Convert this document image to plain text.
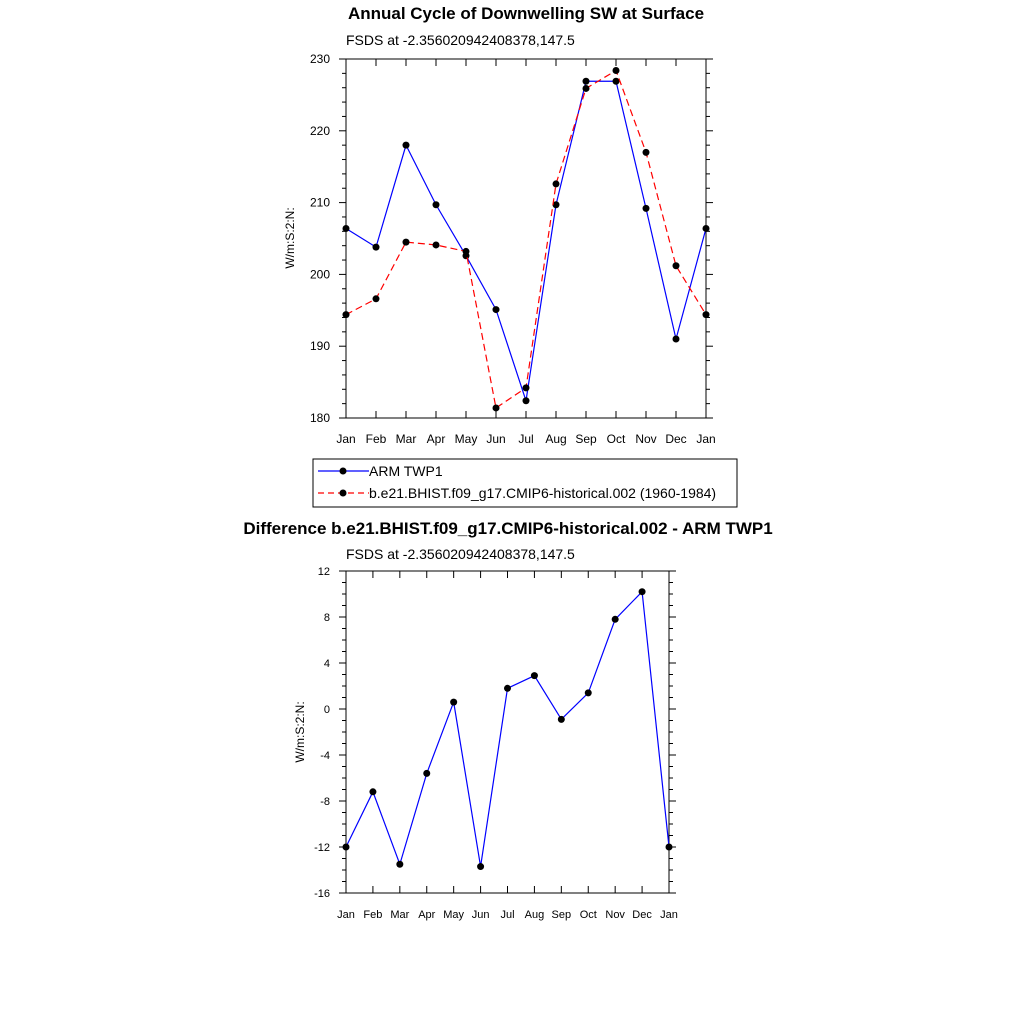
Annual Cycle of Downwelling SW at Surface
FSDS at -2.356020942408378,147.5
W/m:S:2:N:
Jan Feb Mar Apr May Jun Jul Aug Sep Oct Nov Dec Jan
180
190
200
210
220
230
ARM TWP1
b.e21.BHIST.f09_g17.CMIP6-historical.002 (1960-1984)
Difference b.e21.BHIST.f09_g17.CMIP6-historical.002 - ARM TWP1
FSDS at -2.356020942408378,147.5
W/m:S:2:N:
Jan Feb Mar Apr May Jun Jul Aug Sep Oct Nov Dec Jan
-16
-12
-8
-4
0
4
8
12
